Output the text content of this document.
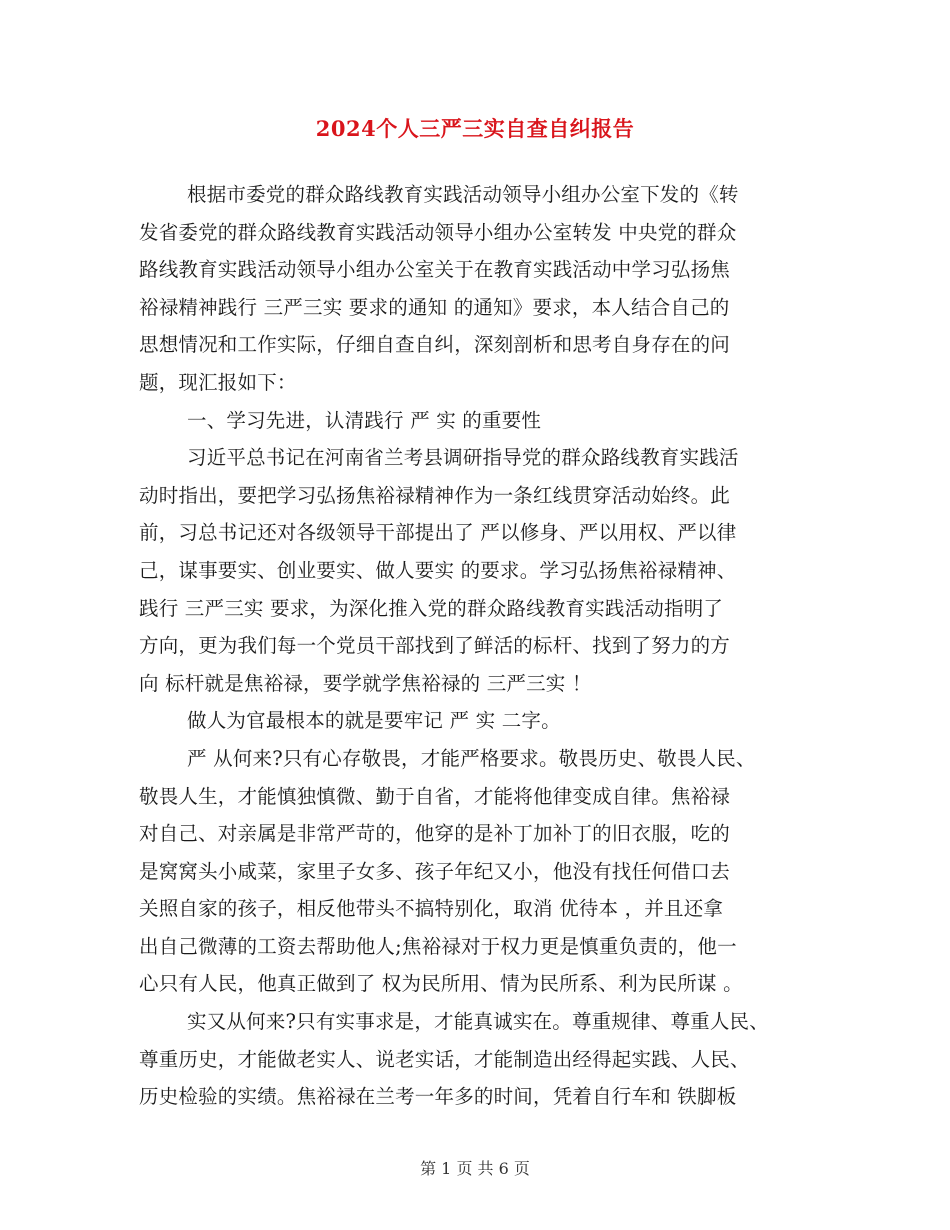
2024个人三严三实自查自纠报告
根据市委党的群众路线教育实践活动领导小组办公室下发的《转
发省委党的群众路线教育实践活动领导小组办公室转发 中央党的群众
路线教育实践活动领导小组办公室关于在教育实践活动中学习弘扬焦
裕禄精神践行 三严三实 要求的通知 的通知》要求，本人结合自己的
思想情况和工作实际，仔细自查自纠，深刻剖析和思考自身存在的问
题，现汇报如下：
一、学习先进，认清践行 严 实 的重要性
习近平总书记在河南省兰考县调研指导党的群众路线教育实践活
动时指出，要把学习弘扬焦裕禄精神作为一条红线贯穿活动始终。此
前，习总书记还对各级领导干部提出了 严以修身、严以用权、严以律
己，谋事要实、创业要实、做人要实 的要求。学习弘扬焦裕禄精神、
践行 三严三实 要求，为深化推入党的群众路线教育实践活动指明了
方向，更为我们每一个党员干部找到了鲜活的标杆、找到了努力的方
向 标杆就是焦裕禄，要学就学焦裕禄的 三严三实 ！
做人为官最根本的就是要牢记 严 实 二字。
严 从何来?只有心存敬畏，才能严格要求。敬畏历史、敬畏人民、
敬畏人生，才能慎独慎微、勤于自省，才能将他律变成自律。焦裕禄
对自己、对亲属是非常严苛的，他穿的是补丁加补丁的旧衣服，吃的
是窝窝头小咸菜，家里子女多、孩子年纪又小，他没有找任何借口去
关照自家的孩子，相反他带头不搞特别化，取消 优待本 ，并且还拿
出自己微薄的工资去帮助他人;焦裕禄对于权力更是慎重负责的，他一
心只有人民，他真正做到了 权为民所用、情为民所系、利为民所谋 。
实又从何来?只有实事求是，才能真诚实在。尊重规律、尊重人民、
尊重历史，才能做老实人、说老实话，才能制造出经得起实践、人民、
历史检验的实绩。焦裕禄在兰考一年多的时间，凭着自行车和 铁脚板
第 1 页 共 6 页
